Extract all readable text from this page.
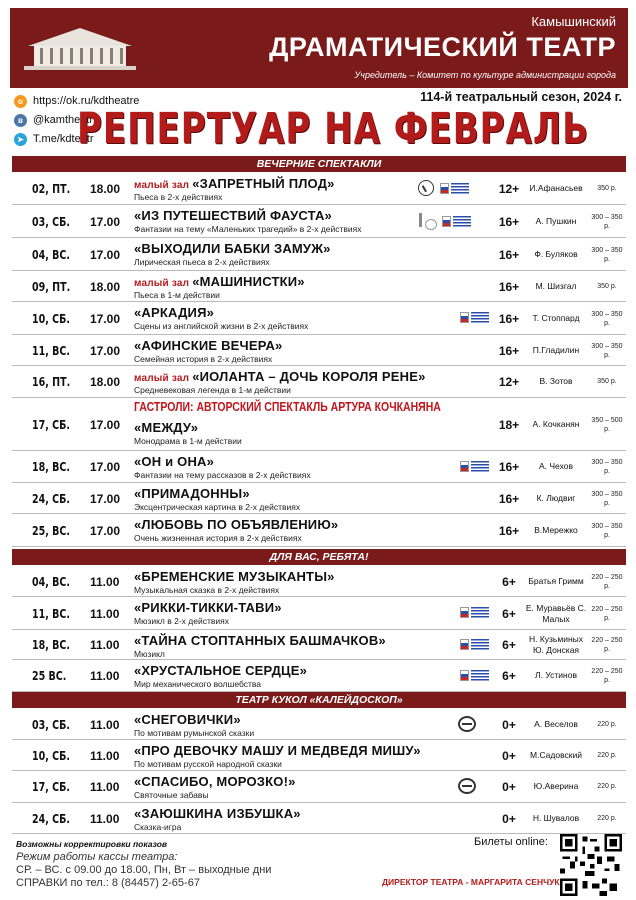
Камышинский
ДРАМАТИЧЕСКИЙ ТЕАТР
Учредитель – Комитет по культуре администрации города
114-й театральный сезон, 2024 г.
o https://ok.ru/kdtheatre
в @kamtheatr
➤ T.me/kdteatr
РЕПЕРТУАР НА ФЕВРАЛЬ
ВЕЧЕРНИЕ СПЕКТАКЛИ
ДЛЯ ВАС, РЕБЯТА!
ТЕАТР КУКОЛ «КАЛЕЙДОСКОП»
02, ПТ. 18.00 малый зал «ЗАПРЕТНЫЙ ПЛОД»
Пьеса в 2-х действиях
12+	И.Афанасьев	350 р.
03, СБ. 17.00 «ИЗ ПУТЕШЕСТВИЙ ФАУСТА»
Фантазии на тему «Маленьких трагедий» в 2-х действиях
16+	А. Пушкин	300 – 350 р.
04, ВС. 17.00 «ВЫХОДИЛИ БАБКИ ЗАМУЖ»
Лирическая пьеса в 2-х действиях
16+	Ф. Буляков	300 – 350 р.
09, ПТ. 18.00 малый зал «МАШИНИСТКИ»
Пьеса в 1-м действии
16+	М. Шизгал	350 р.
10, СБ. 17.00 «АРКАДИЯ»
Сцены из английской жизни в 2-х действиях
16+	Т. Стоппард	300 – 350 р.
11, ВС. 17.00 «АФИНСКИЕ ВЕЧЕРА»
Семейная история в 2-х действиях
16+	П.Гладилин	300 – 350 р.
16, ПТ. 18.00 малый зал «ИОЛАНТА – ДОЧЬ КОРОЛЯ РЕНЕ»
Средневековая легенда в 1-м действии
12+	В. Зотов	350 р.
17, СБ. 17.00
ГАСТРОЛИ: АВТОРСКИЙ СПЕКТАКЛЬ АРТУРА КОЧКАНЯНА
«МЕЖДУ»
Монодрама в 1-м действии
18+	А. Кочканян	350 – 500 р.
18, ВС. 17.00 «ОН и ОНА»
Фантазии на тему рассказов в 2-х действиях
16+	А. Чехов	300 – 350 р.
24, СБ. 17.00 «ПРИМАДОННЫ»
Эксцентрическая картина в 2-х действиях
16+	К. Людвиг	300 – 350 р.
25, ВС. 17.00 «ЛЮБОВЬ ПО ОБЪЯВЛЕНИЮ»
Очень жизненная история в 2-х действиях
16+	В.Мережко	300 – 350 р.
04, ВС. 11.00 «БРЕМЕНСКИЕ МУЗЫКАНТЫ»
Музыкальная сказка в 2-х действиях
6+	Братья Гримм	220 – 250 р.
11, ВС. 11.00 «РИККИ-ТИККИ-ТАВИ»
Мюзикл в 2-х действиях
6+	Е. Муравьёв С. Малых
220 – 250 р.
18, ВС. 11.00 «ТАЙНА СТОПТАННЫХ БАШМАЧКОВ»
Мюзикл
6+	Н. Кузьминых Ю. Донская
220 – 250 р.
25 ВС. 11.00 «ХРУСТАЛЬНОЕ СЕРДЦЕ»
Мир механического волшебства
6+	Л. Устинов	220 – 250 р.
03, СБ. 11.00 «СНЕГОВИЧКИ»
По мотивам румынской сказки
0+	А. Веселов	220 р.
10, СБ. 11.00 «ПРО ДЕВОЧКУ МАШУ И МЕДВЕДЯ МИШУ»
По мотивам русской народной сказки
0+	М.Садовский	220 р.
17, СБ. 11.00 «СПАСИБО, МОРОЗКО!»
Святочные забавы
0+	Ю.Аверина	220 р.
24, СБ. 11.00 «ЗАЮШКИНА ИЗБУШКА»
Сказка-игра
0+	Н. Шувалов	220 р.
Возможны корректировки показов
Режим работы кассы театра:
СР. – ВС. с 09.00 до 18.00, Пн, Вт – выходные дни
СПРАВКИ по тел.: 8 (84457) 2-65-67
Билеты online:
ДИРЕКТОР ТЕАТРА - МАРГАРИТА СЕНЧУК
